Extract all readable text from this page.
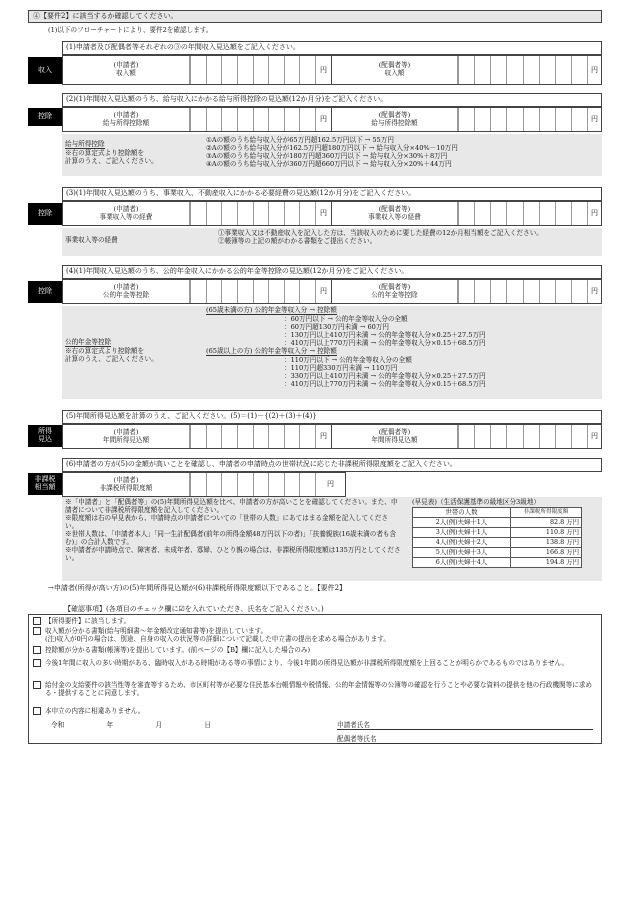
④【要件2】に該当するか確認してください。
(1)以下のフローチャートにより、要件2を確認します。
(1)申請者及び配偶者等それぞれの③の年間収入見込額をご記入ください。
収入
(申請者)
収入額	円
(配偶者等)
収入額	円
(2)(1)年間収入見込額のうち、給与収入にかかる給与所得控除の見込額(12か月分)をご記入ください。
控除	(申請者)
給与所得控除額	円
(配偶者等)
給与所得控除額	円
給与所得控除
※右の算定式より控除額を
計算のうえ、ご記入ください。
①Aの額のうち給与収入分が65万円超162.5万円以下 → 55万円
②Aの額のうち給与収入分が162.5万円超180万円以下 → 給与収入分×40%－10万円
③Aの額のうち給与収入分が180万円超360万円以下 → 給与収入分×30%＋8万円
④Aの額のうち給与収入分が360万円超660万円以下 → 給与収入分×20%＋44万円
(3)(1)年間収入見込額のうち、事業収入、不動産収入にかかる必要経費の見込額(12か月分)をご記入ください。
控除
(申請者)
事業収入等の経費	円
(配偶者等)
事業収入等の経費	円
事業収入等の経費
①事業収入又は不動産収入を記入した方は、当該収入のために要した経費の12か月相当額をご記入ください。
②帳簿等の上記の額がわかる書類をご提出ください。
(4)(1)年間収入見込額のうち、公的年金収入にかかる公的年金等控除の見込額(12か月分)をご記入ください。
控除
(申請者)
公的年金等控除	円
(配偶者等)
公的年金等控除	円
公的年金等控除
※右の算定式より控除額を
計算のうえ、ご記入ください。
(65歳未満の方) 公的年金等収入分 → 控除額
：60万円以下 → 公的年金等収入分の全額
：60万円超130万円未満 → 60万円
：130万円以上410万円未満 → 公的年金等収入分×0.25＋27.5万円
：410万円以上770万円未満 → 公的年金等収入分×0.15＋68.5万円
(65歳以上の方) 公的年金等収入分 → 控除額
：110万円以下 → 公的年金等収入分の全額
：110万円超330万円未満 → 110万円
：330万円以上410万円未満 → 公的年金等収入分×0.25＋27.5万円
：410万円以上770万円未満 → 公的年金等収入分×0.15＋68.5万円
(5)年間所得見込額を計算のうえ、ご記入ください。(5)＝(1)－{(2)＋(3)＋(4)}
所得
見込
(申請者)
年間所得見込額	円
(配偶者等)
年間所得見込額	円
(6)申請者の方が(5)の金額が高いことを確認し、申請者の申請時点の世帯状況に応じた非課税所得限度額をご記入ください。
非課税
相当額
(申請者)
非課税所得限度額	円
※「申請者」と「配偶者等」の(5)年間所得見込額を比べ、申請者の方が高いことを確認してください。また、申請者について非課税所得限度額を記入してください。
※限度額は右の早見表から、申請時点の申請者についての「世帯の人数」にあてはまる金額を記入してください。
※世帯人数は、「申請者本人」「同一生計配偶者(前年の所得金額48万円以下の者)」「扶養親族(16歳未満の者も含む)」の合計人数です。
※申請者が申請時点で、障害者、未成年者、寡婦、ひとり親の場合は、非課税所得限度額は135万円としてください。
(早見表)（生活保護基準の級地区分3級地）
世帯の人数	非課税所得限度額
2人(例)夫婦十1人	82.8 万円
3人(例)夫婦十1人	110.8 万円
4人(例)夫婦十2人	138.8 万円
5人(例)夫婦十3人	166.8 万円
6人(例)夫婦十4人	194.8 万円
→申請者(所得が高い方)の(5)年間所得見込額が(6)非課税所得限度額以下であること。【要件2】
【確認事項】(各項目のチェック欄に☑を入れていただき、氏名をご記入ください。)
【所得要件】に該当します。
収入額が分かる書類(給与明細書～年金額改定通知書等)を提出しています。
(注)収入が0円の場合は、別途、自身の収入の状況等の詳細について記載した申立書の提出を求める場合があります。
控除額が分かる書類(帳簿等)を提出しています。(前ページの【B】欄に記入した場合のみ)
今後1年間に収入の多い時期がある、臨時収入がある時期がある等の事情により、今後1年間の所得見込額が非課税所得限度額を上回ることが明らかであるものではありません。
給付金の支給要件の該当性等を審査等するため、市区町村等が必要な住民基本台帳情報や税情報、公的年金情報等の公簿等の確認を行うことや必要な資料の提供を他の行政機関等に求める・提供することに同意します。
本申立の内容に相違ありません。
令和	年	月	日	申請者氏名
配偶者等氏名
